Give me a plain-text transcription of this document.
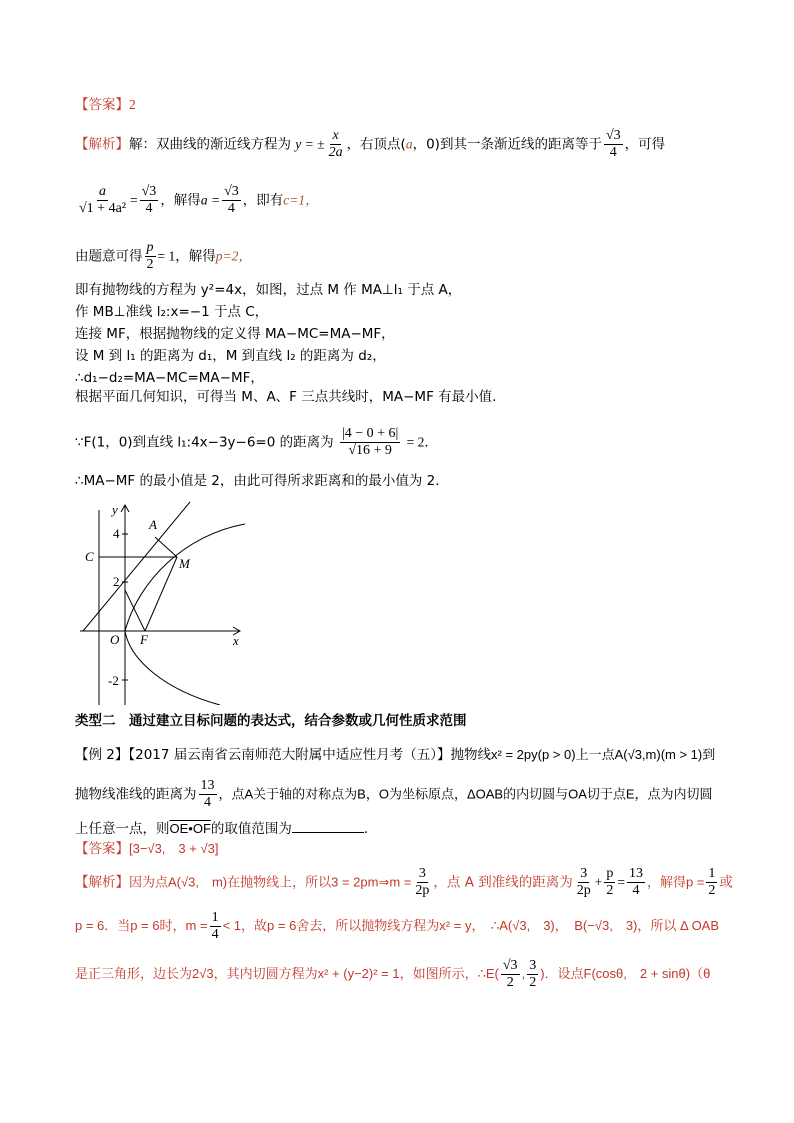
【答案】2
【解析】解：双曲线的渐近线方程为 y = ± $\frac{x}{2a}$ ，右顶点(a，0)到其一条渐近线的距离等于 $\frac{√3}{4}$ ，可得
$\frac{a}{\text{√1 + 4a²}} = \frac{√3}{4}$ ，解得$a = \frac{√3}{4}$ ，即有c=1，
由题意可得 $\frac{p}{2} = 1$，解得p=2，
即有抛物线的方程为 y²=4x，如图，过点 M 作 MA⊥l₁ 于点 A，
作 MB⊥准线 l₂:x=−1 于点 C，
连接 MF，根据抛物线的定义得 MA−MC=MA−MF，
设 M 到 l₁ 的距离为 d₁，M 到直线 l₂ 的距离为 d₂，
∴d₁−d₂=MA−MC=MA−MF，
根据平面几何知识，可得当 M、A、F 三点共线时，MA−MF 有最小值．
∵F(1，0)到直线 l₁:4x−3y−6=0 的距离为 $\frac{|4 - 0 + 6|}{√16 + 9} = 2$．
∴MA−MF 的最小值是 2，由此可得所求距离和的最小值为 2．
y
x
A
C	M
O F
4
2
-2
类型二　通过建立目标问题的表达式，结合参数或几何性质求范围
【例 2】【2017 届云南省云南师范大附属中适应性月考（五）】抛物线x² = 2py(p > 0)上一点A(√3,m)(m > 1)到
抛物线准线的距离为 $\frac{13}{4}$ ，点A关于轴的对称点为B，O为坐标原点，ΔOAB的内切圆与OA切于点E，点为内切圆
上任意一点，则OE•OF的取值范围为	．
【答案】[3−√3,　3 + √3]
【解析】因为点A(√3,　m)在抛物线上，所以3 = 2pm⇒m = $\frac{3}{2p}$ ，点 A 到准线的距离为 $\frac{3}{2p} + \frac{p}{2} = \frac{13}{4}$ ，解得$p = \frac{1}{2}$ 或
p = 6．当p = 6时，$m = \frac{1}{4} < 1$，故p = 6舍去，所以抛物线方程为x² = y，　∴A(√3,　3)，　B(−√3,　3)，所以 Δ OAB
是正三角形，边长为2√3，其内切圆方程为x² + (y−2)² = 1，如图所示，∴E( $\frac{√3}{2}$ , $\frac{3}{2}$ )．设点F(cosθ,　2 + sinθ)（θ
